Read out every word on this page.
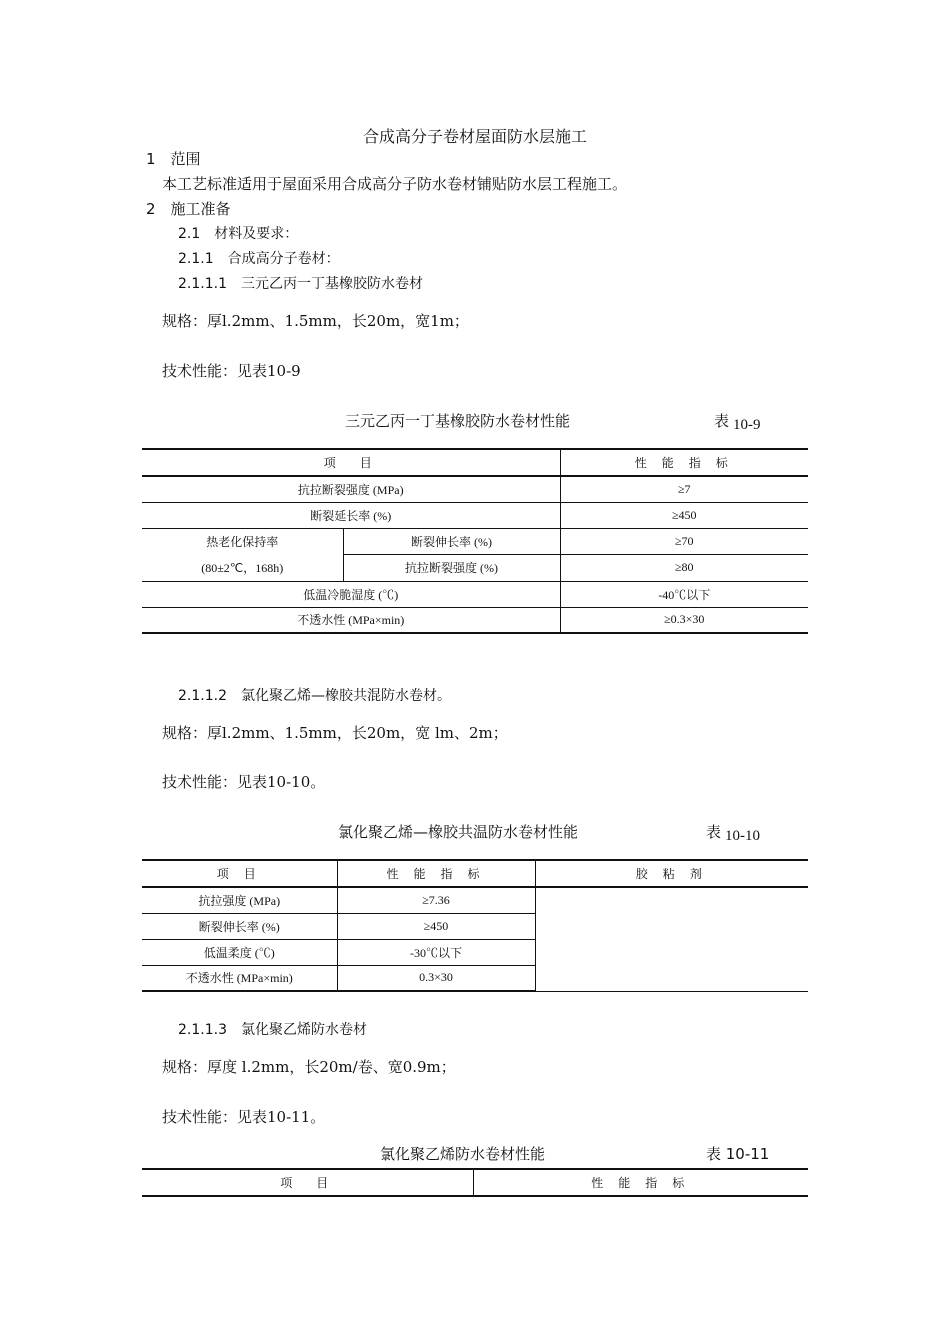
合成高分子卷材屋面防水层施工
1　范围
本工艺标准适用于屋面采用合成高分子防水卷材铺贴防水层工程施工。
2　施工准备
2.1　材料及要求：
2.1.1　合成高分子卷材：
2.1.1.1　三元乙丙一丁基橡胶防水卷材
规格：厚l.2mm、1.5mm，长20m，宽1m；
技术性能：见表10-9
三元乙丙一丁基橡胶防水卷材性能	表 10-9
项　目		性 能 指 标
抗拉断裂强度 (MPa)		≥7
断裂延长率 (%)		≥450

热老化保持率
(80±2℃，168h)	断裂伸长率 (%)	≥70
	抗拉断裂强度 (%)	≥80
低温冷脆湿度 (℃)		-40℃以下
不透水性 (MPa×min)		≥0.3×30
2.1.1.2　氯化聚乙烯—橡胶共混防水卷材。
规格：厚l.2mm、1.5mm，长20m，宽 lm、2m；
技术性能：见表10-10。
氯化聚乙烯—橡胶共温防水卷材性能	表 10-10
项 目	性 能 指 标	胶 粘 剂
抗拉强度 (MPa)	≥7.36	
断裂伸长率 (%)	≥450	
低温柔度 (℃)	-30℃以下	
不透水性 (MPa×min)	0.3×30	
2.1.1.3　氯化聚乙烯防水卷材
规格：厚度 l.2mm，长20m/卷、宽0.9m；
技术性能：见表10-11。
氯化聚乙烯防水卷材性能	表 10-11
项　目	性 能 指 标
